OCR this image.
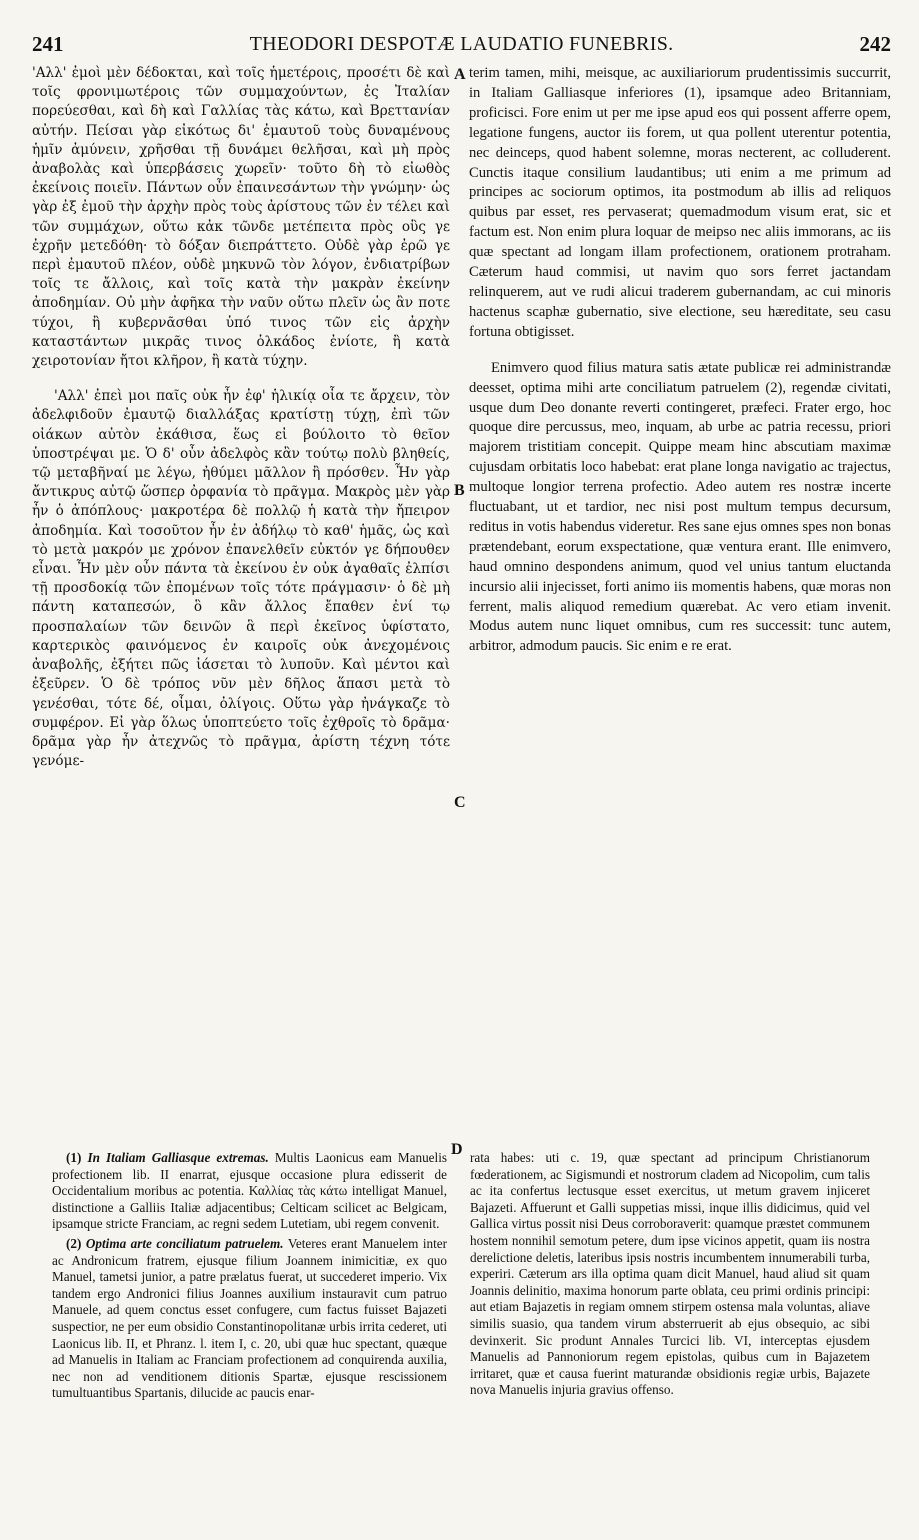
241	THEODORI DESPOTÆ LAUDATIO FUNEBRIS.	242

'Αλλ' ἐμοὶ μὲν δέδοκται, καὶ τοῖς ἡμετέροις, προσέτι δὲ καὶ τοῖς φρονιμωτέροις τῶν συμμαχούντων, ἐς Ἰταλίαν πορεύεσθαι, καὶ δὴ καὶ Γαλλίας τὰς κάτω, καὶ Βρεττανίαν αὐτήν. Πείσαι γὰρ εἰκότως δι' ἐμαυτοῦ τοὺς δυναμένους ἡμῖν ἀμύνειν, χρῆσθαι τῇ δυνάμει θελῆσαι, καὶ μὴ πρὸς ἀναβολὰς καὶ ὑπερβάσεις χωρεῖν· τοῦτο δὴ τὸ εἰωθὸς ἐκείνοις ποιεῖν. Πάντων οὖν ἐπαινεσάντων τὴν γνώμην· ὡς γὰρ ἐξ ἐμοῦ τὴν ἀρχὴν πρὸς τοὺς ἀρίστους τῶν ἐν τέλει καὶ τῶν συμμάχων, οὕτω κἀκ τῶνδε μετέπειτα πρὸς οὓς γε ἐχρῆν μετεδόθη· τὸ δόξαν διεπράττετο. Οὐδὲ γὰρ ἐρῶ γε περὶ ἐμαυτοῦ πλέον, οὐδὲ μηκυνῶ τὸν λόγον, ἐνδιατρίβων τοῖς τε ἄλλοις, καὶ τοῖς κατὰ τὴν μακρὰν ἐκείνην ἀποδημίαν. Οὐ μὴν ἀφῆκα τὴν ναῦν οὕτω πλεῖν ὡς ἂν ποτε τύχοι, ἢ κυβερνᾶσθαι ὑπό τινος τῶν εἰς ἀρχὴν καταστάντων μικρᾶς τινος ὁλκάδος ἐνίοτε, ἢ κατὰ χειροτονίαν ἤτοι κλῆρον, ἢ κατὰ τύχην.

'Αλλ' ἐπεὶ μοι παῖς οὐκ ἦν ἐφ' ἡλικίᾳ οἷα τε ἄρχειν, τὸν ἀδελφιδοῦν ἐμαυτῷ διαλλάξας κρατίστῃ τύχῃ, ἐπὶ τῶν οἰάκων αὐτὸν ἐκάθισα, ἕως εἰ βούλοιτο τὸ θεῖον ὑποστρέψαι με. Ὁ δ' οὖν ἀδελφὸς κἂν τούτῳ πολὺ βληθείς, τῷ μεταβῆναί με λέγω, ἠθύμει μᾶλλον ἢ πρόσθεν. Ἦν γὰρ ἄντικρυς αὐτῷ ὥσπερ ὀρφανία τὸ πρᾶγμα. Μακρὸς μὲν γὰρ ἦν ὁ ἀπόπλους· μακροτέρα δὲ πολλῷ ἡ κατὰ τὴν ἤπειρον ἀποδημία. Καὶ τοσοῦτον ἦν ἐν ἀδήλῳ τὸ καθ' ἡμᾶς, ὡς καὶ τὸ μετὰ μακρόν με χρόνον ἐπανελθεῖν εὐκτόν γε δήπουθεν εἶναι. Ἦν μὲν οὖν πάντα τὰ ἐκείνου ἐν οὐκ ἀγαθαῖς ἐλπίσι τῇ προσδοκίᾳ τῶν ἐπομένων τοῖς τότε πράγμασιν· ὁ δὲ μὴ πάντη καταπεσών, ὃ κἂν ἄλλος ἔπαθεν ἐνί τῳ προσπαλαίων τῶν δεινῶν ἃ περὶ ἐκεῖνος ὑφίστατο, καρτερικὸς φαινόμενος ἐν καιροῖς οὐκ ἀνεχομένοις ἀναβολῆς, ἐξήτει πῶς ἰάσεται τὸ λυποῦν. Καὶ μέντοι καὶ ἐξεῦρεν. Ὁ δὲ τρόπος νῦν μὲν δῆλος ἅπασι μετὰ τὸ γενέσθαι, τότε δέ, οἶμαι, ὀλίγοις. Οὕτω γὰρ ἠνάγκαζε τὸ συμφέρον. Εἰ γὰρ ὅλως ὑποπτεύετο τοῖς ἐχθροῖς τὸ δρᾶμα· δρᾶμα γὰρ ἦν ἀτεχνῶς τὸ πρᾶγμα, ἀρίστη τέχνη τότε γενόμε-

A
B
C

terim tamen, mihi, meisque, ac auxiliariorum prudentissimis succurrit, in Italiam Galliasque inferiores (1), ipsamque adeo Britanniam, proficisci. Fore enim ut per me ipse apud eos qui possent afferre opem, legatione fungens, auctor iis forem, ut qua pollent uterentur potentia, nec deinceps, quod habent solemne, moras necterent, ac colluderent. Cunctis itaque consilium laudantibus; uti enim a me primum ad principes ac sociorum optimos, ita postmodum ab illis ad reliquos quibus par esset, res pervaserat; quemadmodum visum erat, sic et factum est. Non enim plura loquar de meipso nec aliis immorans, ac iis quæ spectant ad longam illam profectionem, orationem protraham. Cæterum haud commisi, ut navim quo sors ferret jactandam relinquerem, aut ve rudi alicui traderem gubernandam, ac cui minoris hactenus scaphæ gubernatio, sive electione, seu hæreditate, seu casu fortuna obtigisset.

Enimvero quod filius matura satis ætate publicæ rei administrandæ deesset, optima mihi arte conciliatum patruelem (2), regendæ civitati, usque dum Deo donante reverti contingeret, præfeci. Frater ergo, hoc quoque dire percussus, meo, inquam, ab urbe ac patria recessu, priori majorem tristitiam concepit. Quippe meam hinc abscutiam maximæ cujusdam orbitatis loco habebat: erat plane longa navigatio ac trajectus, multoque longior terrena profectio. Adeo autem res nostræ incerte fluctuabant, ut et tardior, nec nisi post multum tempus decursum, reditus in votis habendus videretur. Res sane ejus omnes spes non bonas prætendebant, eorum exspectatione, quæ ventura erant. Ille enimvero, haud omnino despondens animum, quod vel unius tantum eluctanda incursio alii injecisset, forti animo iis momentis habens, quæ moras non ferrent, malis aliquod remedium quærebat. Ac vero etiam invenit. Modus autem nunc liquet omnibus, cum res successit: tunc autem, arbitror, admodum paucis. Sic enim e re erat.

(1) In Italiam Galliasque extremas. Multis Laonicus eam Manuelis profectionem lib. II enarrat, ejusque occasione plura edisserit de Occidentalium moribus ac potentia. Καλλίας τὰς κάτω intelligat Manuel, distinctione a Galliis Italiæ adjacentibus; Celticam scilicet ac Belgicam, ipsamque stricte Franciam, ac regni sedem Lutetiam, ubi regem convenit.

(2) Optima arte conciliatum patruelem. Veteres erant Manuelem inter ac Andronicum fratrem, ejusque filium Joannem inimicitiæ, ex quo Manuel, tametsi junior, a patre prælatus fuerat, ut succederet imperio. Vix tandem ergo Andronici filius Joannes auxilium instauravit cum patruo Manuele, ad quem conctus esset confugere, cum factus fuisset Bajazeti suspectior, ne per eum obsidio Constantinopolitanæ urbis irrita cederet, uti Laonicus lib. II, et Phranz. l. item I, c. 20, ubi quæ huc spectant, quæque ad Manuelis in Italiam ac Franciam profectionem ad conquirenda auxilia, nec non ad venditionem ditionis Spartæ, ejusque rescissionem tumultuantibus Spartanis, dilucide ac paucis enar-

D rata habes: uti c. 19, quæ spectant ad principum Christianorum fœderationem, ac Sigismundi et nostrorum cladem ad Nicopolim, cum talis ac ita confertus lectusque esset exercitus, ut metum gravem injiceret Bajazeti. Affuerunt et Galli suppetias missi, inque illis didicimus, quid vel Gallica virtus possit nisi Deus corroboraverit: quamque præstet communem hostem nonnihil semotum petere, dum ipse vicinos appetit, quam iis nostra derelictione deletis, lateribus ipsis nostris incumbentem innumerabili turba, experiri. Cæterum ars illa optima quam dicit Manuel, haud aliud sit quam Joannis delinitio, maxima honorum parte oblata, ceu primi ordinis principi: aut etiam Bajazetis in regiam omnem stirpem ostensa mala voluntas, aliave similis suasio, qua tandem virum absterruerit ab ejus obsequio, ac sibi devinxerit. Sic produnt Annales Turcici lib. VI, interceptas ejusdem Manuelis ad Pannoniorum regem epistolas, quibus cum in Bajazetem irritaret, quæ et causa fuerint maturandæ obsidionis regiæ urbis, Bajazete nova Manuelis injuria gravius offenso.
